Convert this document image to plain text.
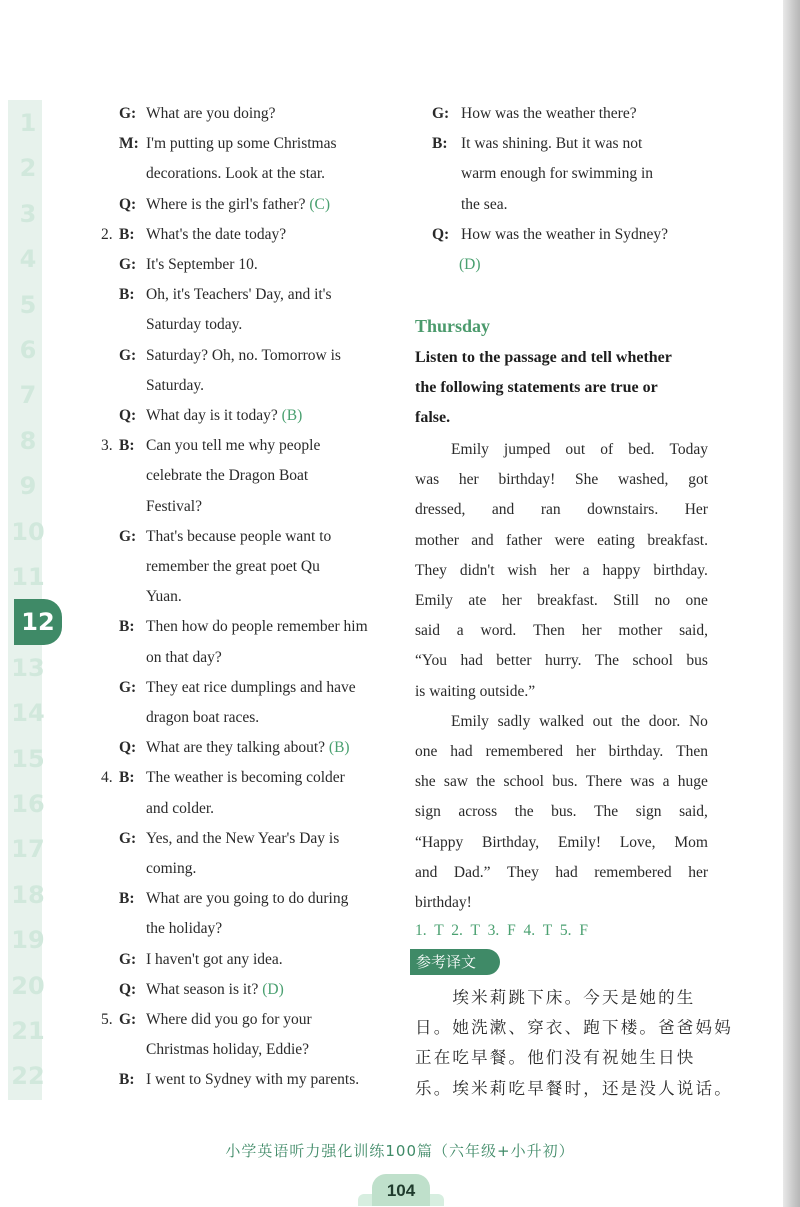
1
2
3
4
5
6
7
8
9
10
11
12
13
14
15
16
17
18
19
20
21
22
G: What are you doing?
M: I'm putting up some Christmas
decorations. Look at the star.
Q: Where is the girl's father? (C)
2. B: What's the date today?
G: It's September 10.
B: Oh, it's Teachers' Day, and it's
Saturday today.
G: Saturday? Oh, no. Tomorrow is
Saturday.
Q: What day is it today? (B)
3. B: Can you tell me why people
celebrate the Dragon Boat
Festival?
G: That's because people want to
remember the great poet Qu
Yuan.
B: Then how do people remember him
on that day?
G: They eat rice dumplings and have
dragon boat races.
Q: What are they talking about? (B)
4. B: The weather is becoming colder
and colder.
G: Yes, and the New Year's Day is
coming.
B: What are you going to do during
the holiday?
G: I haven't got any idea.
Q: What season is it? (D)
5. G: Where did you go for your
Christmas holiday, Eddie?
B: I went to Sydney with my parents.
G: How was the weather there?
B: It was shining. But it was not
warm enough for swimming in
the sea.
Q: How was the weather in Sydney?
(D)
Thursday
Listen to the passage and tell whether
the following statements are true or
false.
Emily jumped out of bed. Today
was her birthday! She washed, got
dressed, and ran downstairs. Her
mother and father were eating breakfast.
They didn't wish her a happy birthday.
Emily ate her breakfast. Still no one
said a word. Then her mother said,
“You had better hurry. The school bus
is waiting outside.”
Emily sadly walked out the door. No
one had remembered her birthday. Then
she saw the school bus. There was a huge
sign across the bus. The sign said,
“Happy Birthday, Emily! Love, Mom
and Dad.” They had remembered her
birthday!
1. T 2. T 3. F 4. T 5. F
参考译文
　　埃米莉跳下床。今天是她的生
日。她洗漱、穿衣、跑下楼。爸爸妈妈
正在吃早餐。他们没有祝她生日快
乐。埃米莉吃早餐时，还是没人说话。
小学英语听力强化训练100篇（六年级+小升初）
104
